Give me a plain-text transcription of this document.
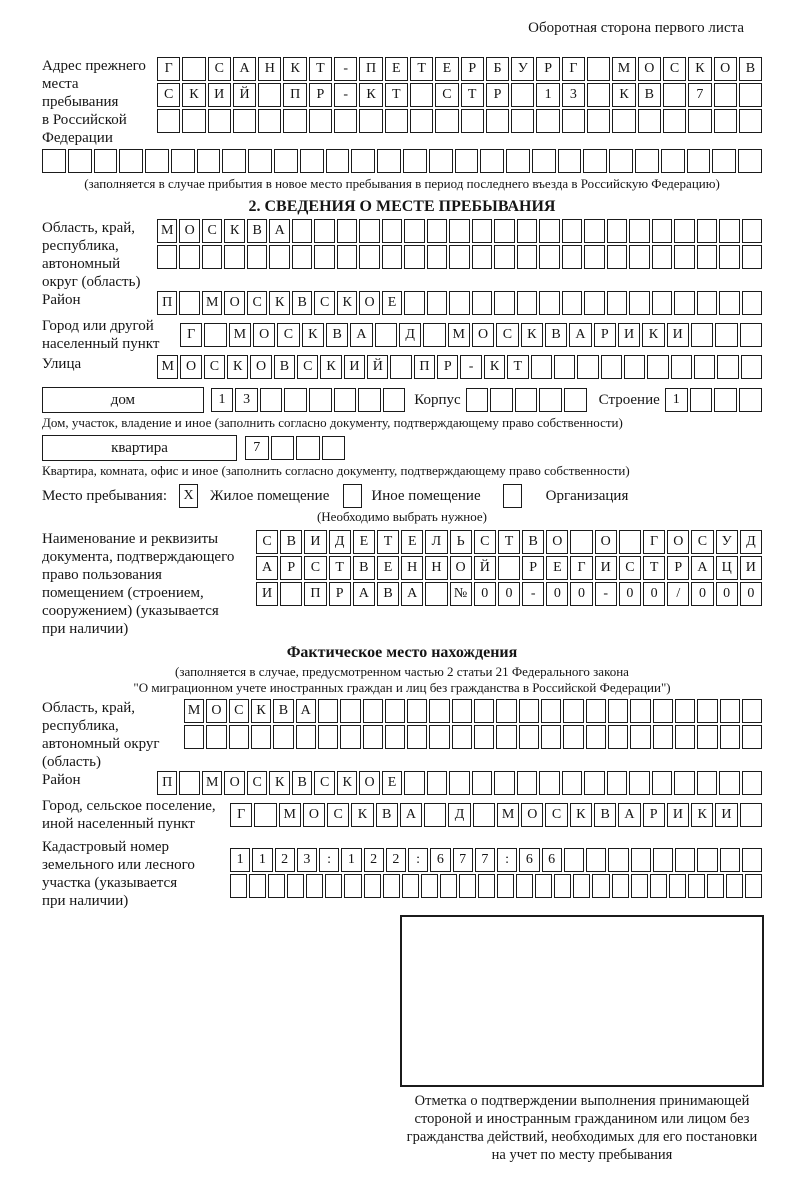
Оборотная сторона первого листа
Адрес прежнего
места пребывания
в Российской
Федерации
Г	С	А	Н	К	Т	-	П	Е	Т	Е	Р	Б	У	Р	Г	М	О	С	К	О	В
С	К	И	Й	П	Р	-	К	Т	С	Т	Р	1	3	К	В	7
(заполняется в случае прибытия в новое место пребывания в период последнего въезда в Российскую Федерацию)
2. СВЕДЕНИЯ О МЕСТЕ ПРЕБЫВАНИЯ
Область, край,
республика,
автономный
округ (область)
М О С К В А
Район	П	М О С К В С К О Е
Город или другой
населенный пункт
Г	М О	С	К	В	А	Д	М О	С	К	В	А	Р	И	К	И
Улица	М О С	К О В	С	К И Й	П	Р	-	К	Т
дом	1	3	Корпус	Строение 1
Дом, участок, владение и иное (заполнить согласно документу, подтверждающему право собственности)
квартира	7
Квартира, комната, офис и иное (заполнить согласно документу, подтверждающему право собственности)
Место пребывания:	X Жилое помещение	Иное помещение	Организация
(Необходимо выбрать нужное)
Наименование и реквизиты
документа, подтверждающего
право пользования
помещением (строением,
сооружением) (указывается
при наличии)
С	В	И	Д	Е	Т	Е	Л	Ь	С	Т	В	О	О	Г	О	С	У	Д
А	Р	С	Т	В	Е	Н	Н	О	Й	Р	Е	Г	И	С	Т	Р	А	Ц	И
И	П	Р	А	В	А	№	0	0	-	0	0	-	0	0	/	0	0	0
Фактическое место нахождения
(заполняется в случае, предусмотренном частью 2 статьи 21 Федерального закона
"О миграционном учете иностранных граждан и лиц без гражданства в Российской Федерации")
Область, край,
республика,
автономный округ
(область)
М О С К В А
Район	П	М О С К В С К О Е
Город, сельское поселение,
иной населенный пункт
Г	М О	С	К	В	А	Д	М О	С	К	В	А	Р	И	К	И
Кадастровый номер
земельного или лесного
участка (указывается
при наличии)
1	1	2	3	:	1	2	2	:	6	7	7	:	6	6
Отметка о подтверждении выполнения принимающей
стороной и иностранным гражданином или лицом без
гражданства действий, необходимых для его постановки
на учет по месту пребывания
